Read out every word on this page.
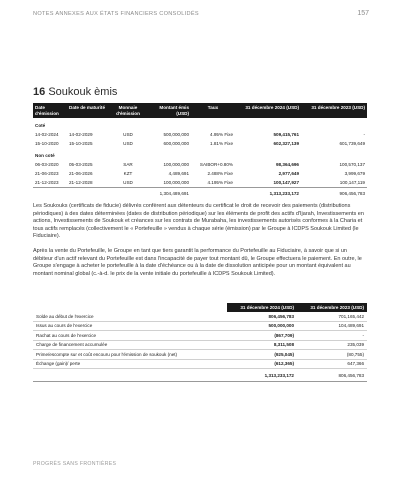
NOTES ANNEXES AUX ÉTATS FINANCIERS CONSOLIDÉS	157
16 Soukouk èmis
Date d'émission	Date de maturité	Monnaie d'émission	Montant émis (USD)	Taux	31 décembre 2024 (USD)	31 décembre 2023 (USD)
Coté						
14-02-2024	14-02-2029	USD	500,000,000	4.95% Fixe	509,415,761	-
15-10-2020	15-10-2025	USD	600,000,000	1.81% Fixe	602,327,139	601,739,649
Non coté						
06-03-2020	05-03-2025	SAR	100,000,000	SAIBOR+0.80%	98,364,696	100,570,137
21-06-2023	21-06-2026	KZT	4,489,691	2.488% Fixe	2,977,649	3,999,679
21-12-2023	21-12-2028	USD	100,000,000	4.195% Fixe	100,147,927	100,147,119
			1,304,489,691		1,313,233,172	906,456,783

Les Soukouks (certificats de fiducie) délivrés confèrent aux détenteurs du certificat le droit de recevoir des paiements (distributions périodiques) à des dates déterminées (dates de distribution périodique) sur les éléments de profit des actifs d'Ijarah, Investissements en actions, Investissements de Soukouk et créances sur les contrats de Murabaha, les investissements autorisés conformes à la Charia et tous actifs remplacés (collectivement le « Portefeuille » vendus à chaque série (émission) par le Groupe à ICDPS Soukouk Limited (le Fiduciaire).

Après la vente du Portefeuille, le Groupe en tant que tiers garantit la performance du Portefeuille au Fiduciaire, à savoir que si un débiteur d'un actif relevant du Portefeuille est dans l'incapacité de payer tout montant dû, le Groupe effectuera le paiement. En outre, le Groupe s'engage à acheter le portefeuille à la date d'échéance ou à la date de dissolution anticipée pour un montant équivalent au montant nominal global (c.-à-d. le prix de la vente initiale du portefeuille à ICDPS Soukouk Limited).

	31 décembre 2024 (USD)	31 décembre 2023 (USD)
Solde au début de l'exercice	806,456,783	701,165,442
Issus au cours de l'exercice	500,000,000	104,489,691
Rachat au cours de l'exercice	(867,709)	-
Charge de financement accumulée	8,311,508	235,039
Prime/escompte sur et coût encouru pour l'émission de soukouk (net)	(925,045)	(80,755)
Échange (gain)/ perte	(612,365)	647,366
	1,313,233,172	806,456,783
PROGRÈS SANS FRONTIÈRES
